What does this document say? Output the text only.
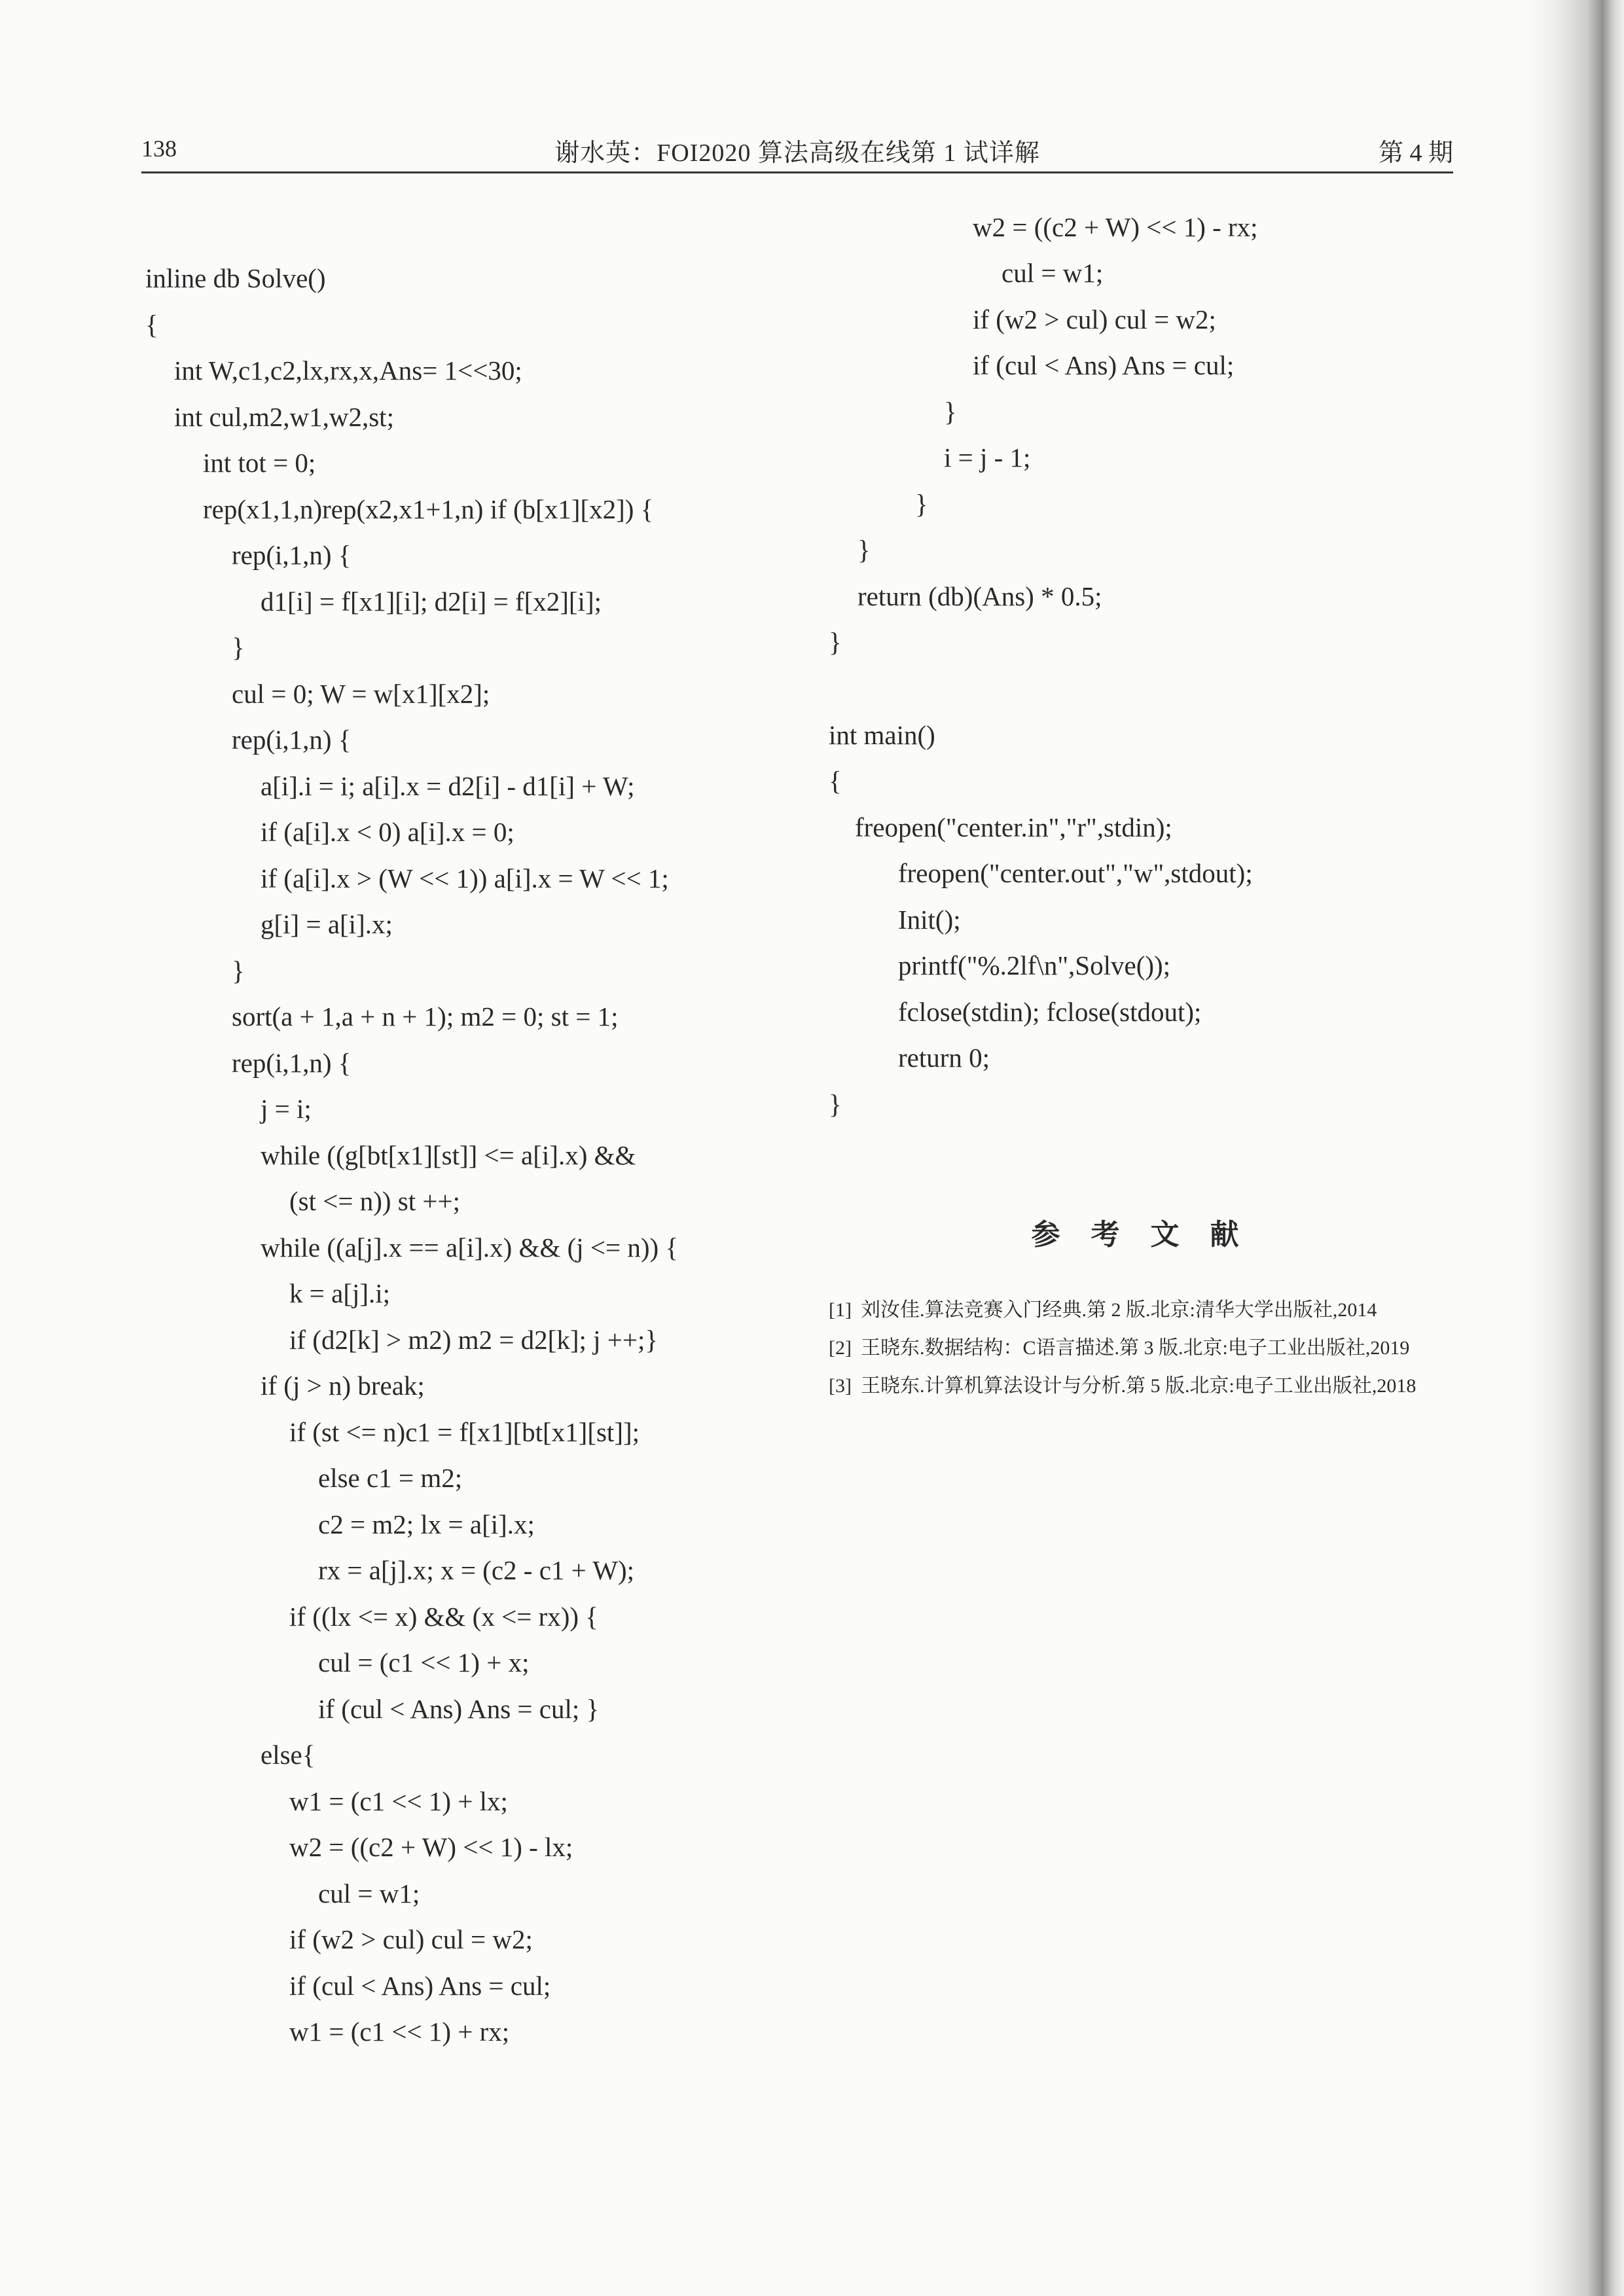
138	谢水英：FOI2020 算法高级在线第 1 试详解	第 4 期
inline db Solve()
{
int W,c1,c2,lx,rx,x,Ans= 1<<30;
int cul,m2,w1,w2,st;
int tot = 0;
rep(x1,1,n)rep(x2,x1+1,n) if (b[x1][x2]) {
rep(i,1,n) {
d1[i] = f[x1][i]; d2[i] = f[x2][i];
}
cul = 0; W = w[x1][x2];
rep(i,1,n) {
a[i].i = i; a[i].x = d2[i] - d1[i] + W;
if (a[i].x < 0) a[i].x = 0;
if (a[i].x > (W << 1)) a[i].x = W << 1;
g[i] = a[i].x;
}
sort(a + 1,a + n + 1); m2 = 0; st = 1;
rep(i,1,n) {
j = i;
while ((g[bt[x1][st]] <= a[i].x) &&
(st <= n)) st ++;
while ((a[j].x == a[i].x) && (j <= n)) {
k = a[j].i;
if (d2[k] > m2) m2 = d2[k]; j ++;}
if (j > n) break;
if (st <= n)c1 = f[x1][bt[x1][st]];
else c1 = m2;
c2 = m2; lx = a[i].x;
rx = a[j].x; x = (c2 - c1 + W);
if ((lx <= x) && (x <= rx)) {
cul = (c1 << 1) + x;
if (cul < Ans) Ans = cul; }
else{
w1 = (c1 << 1) + lx;
w2 = ((c2 + W) << 1) - lx;
cul = w1;
if (w2 > cul) cul = w2;
if (cul < Ans) Ans = cul;
w1 = (c1 << 1) + rx;
w2 = ((c2 + W) << 1) - rx;
cul = w1;
if (w2 > cul) cul = w2;
if (cul < Ans) Ans = cul;
}
i = j - 1;
}
}
return (db)(Ans) * 0.5;
}
int main()
{
freopen("center.in","r",stdin);
freopen("center.out","w",stdout);
Init();
printf("%.2lf\n",Solve());
fclose(stdin); fclose(stdout);
return 0;
}
参 考 文 献
[1] 刘汝佳.算法竞赛入门经典.第 2 版.北京:清华大学出版社,2014
[2] 王晓东.数据结构：C语言描述.第 3 版.北京:电子工业出版社,2019
[3] 王晓东.计算机算法设计与分析.第 5 版.北京:电子工业出版社,2018
